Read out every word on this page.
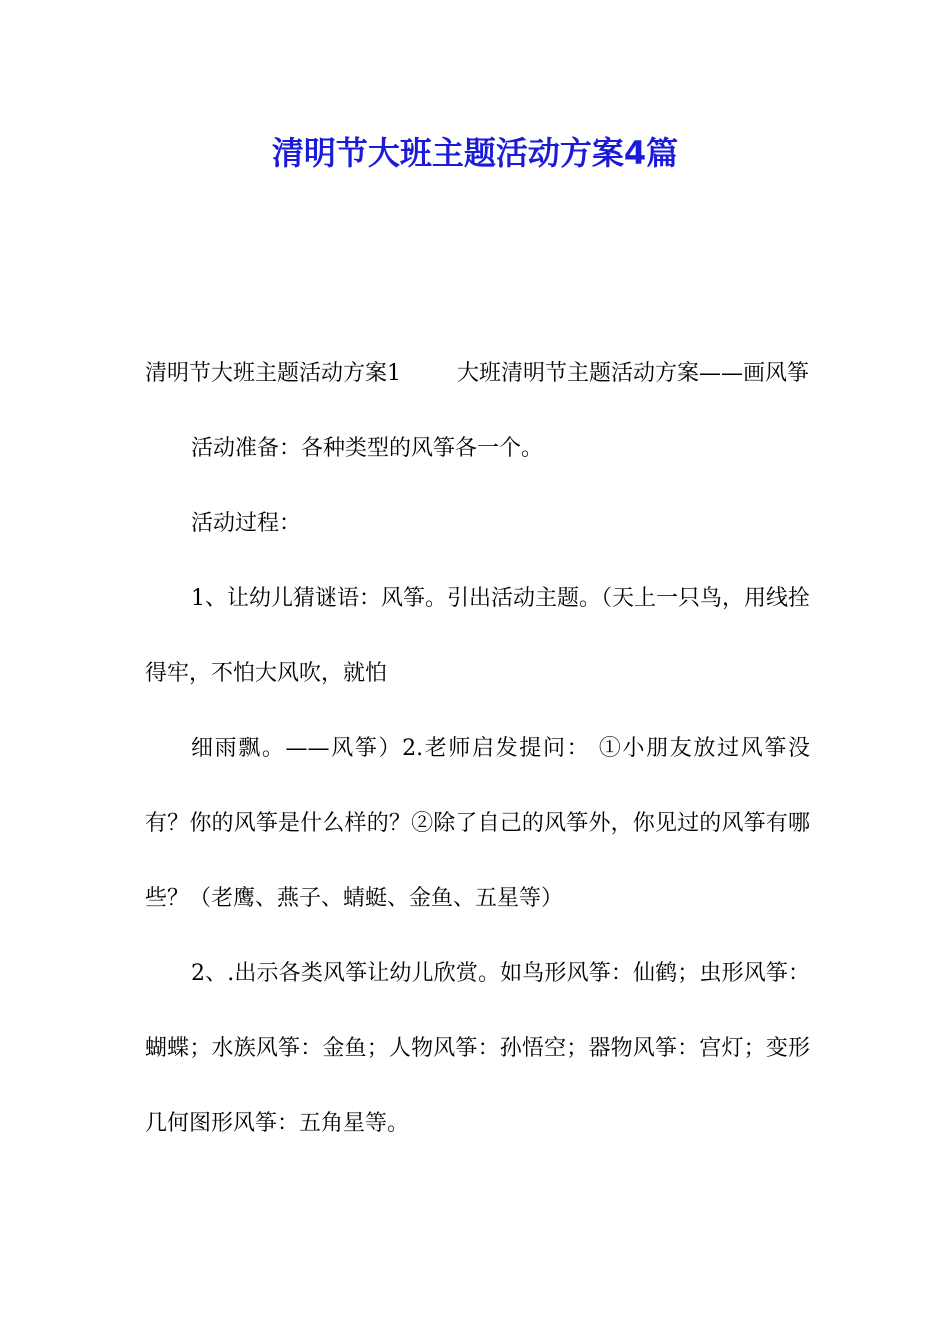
清明节大班主题活动方案4篇

清明节大班主题活动方案1	大班清明节主题活动方案——画风筝

活动准备：各种类型的风筝各一个。

活动过程：

1、让幼儿猜谜语：风筝。引出活动主题。（天上一只鸟，用线拴得牢，不怕大风吹，就怕

细雨飘。——风筝）2.老师启发提问： ①小朋友放过风筝没有？你的风筝是什么样的？②除了自己的风筝外，你见过的风筝有哪些？（老鹰、燕子、蜻蜓、金鱼、五星等）

2、.出示各类风筝让幼儿欣赏。如鸟形风筝：仙鹤；虫形风筝：蝴蝶；水族风筝：金鱼；人物风筝：孙悟空；器物风筝：宫灯；变形几何图形风筝：五角星等。
